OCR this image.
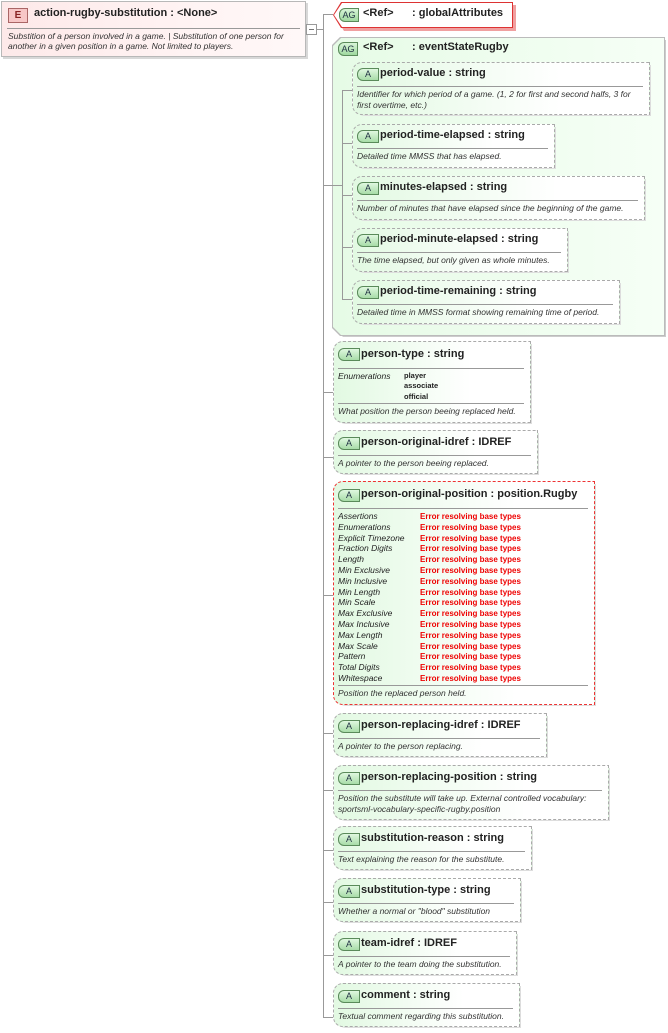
E	action-rugby-substitution : <None>
Substition of a person involved in a game. | Substitution of one person for another in a given position in a game. Not limited to players.
AG <Ref> : globalAttributes
AG <Ref> : eventStateRugby
A period-value : string
Identifier for which period of a game. (1, 2 for first and second halfs, 3 for first overtime, etc.)
A period-time-elapsed : string
Detailed time MMSS that has elapsed.
A minutes-elapsed : string
Number of minutes that have elapsed since the beginning of the game.
A period-minute-elapsed : string
The time elapsed, but only given as whole minutes.
A period-time-remaining : string
Detailed time in MMSS format showing remaining time of period.
A person-type : string
Enumerations	player
associate
official
What position the person beeing replaced held.
A person-original-idref : IDREF
A pointer to the person beeing replaced.
A person-original-position : position.Rugby
Assertions	Error resolving base types
Enumerations	Error resolving base types
Explicit Timezone Error resolving base types
Fraction Digits	Error resolving base types
Length	Error resolving base types
Min Exclusive	Error resolving base types
Min Inclusive	Error resolving base types
Min Length	Error resolving base types
Min Scale	Error resolving base types
Max Exclusive	Error resolving base types
Max Inclusive	Error resolving base types
Max Length	Error resolving base types
Max Scale	Error resolving base types
Pattern	Error resolving base types
Total Digits	Error resolving base types
Whitespace	Error resolving base types
Position the replaced person held.
A person-replacing-idref : IDREF
A pointer to the person replacing.
A person-replacing-position : string
Position the substitute will take up. External controlled vocabulary: sportsml-vocabulary-specific-rugby.position
A substitution-reason : string
Text explaining the reason for the substitute.
A substitution-type : string
Whether a normal or "blood" substitution
A team-idref : IDREF
A pointer to the team doing the substitution.
A comment : string
Textual comment regarding this substitution.
